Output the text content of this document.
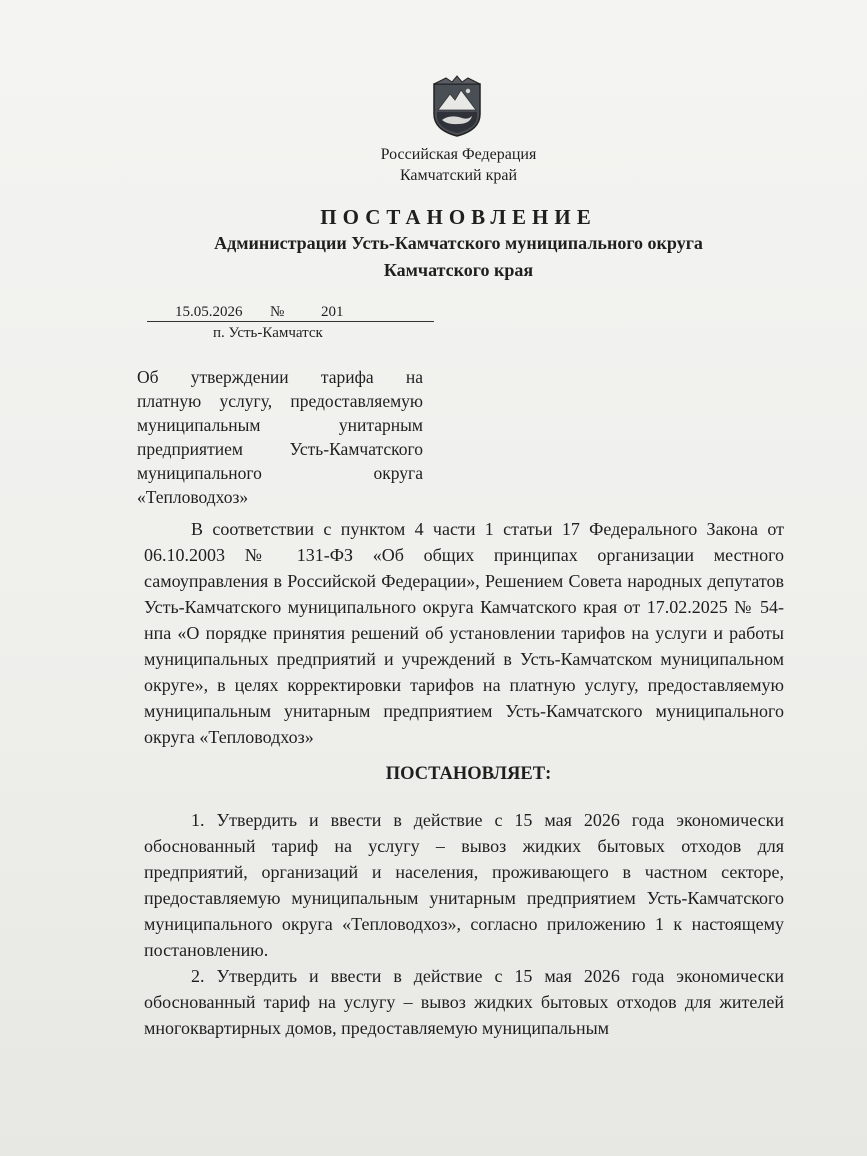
Российская Федерация
Камчатский край
ПОСТАНОВЛЕНИЕ
Администрации Усть-Камчатского муниципального округа
Камчатского края
15.05.2026 № 201
п. Усть-Камчатск
Об утверждении тарифа на
платную услугу, предоставляемую
муниципальным унитарным
предприятием Усть-Камчатского
муниципального округа
«Тепловодхоз»
В соответствии с пунктом 4 части 1 статьи 17 Федерального Закона от 06.10.2003 № 131-ФЗ «Об общих принципах организации местного самоуправления в Российской Федерации», Решением Совета народных депутатов Усть-Камчатского муниципального округа Камчатского края от 17.02.2025 № 54-нпа «О порядке принятия решений об установлении тарифов на услуги и работы муниципальных предприятий и учреждений в Усть-Камчатском муниципальном округе», в целях корректировки тарифов на платную услугу, предоставляемую муниципальным унитарным предприятием Усть-Камчатского муниципального округа «Тепловодхоз»
ПОСТАНОВЛЯЕТ:
1. Утвердить и ввести в действие с 15 мая 2026 года экономически обоснованный тариф на услугу – вывоз жидких бытовых отходов для предприятий, организаций и населения, проживающего в частном секторе, предоставляемую муниципальным унитарным предприятием Усть-Камчатского муниципального округа «Тепловодхоз», согласно приложению 1 к настоящему постановлению.
2. Утвердить и ввести в действие с 15 мая 2026 года экономически обоснованный тариф на услугу – вывоз жидких бытовых отходов для жителей многоквартирных домов, предоставляемую муниципальным
